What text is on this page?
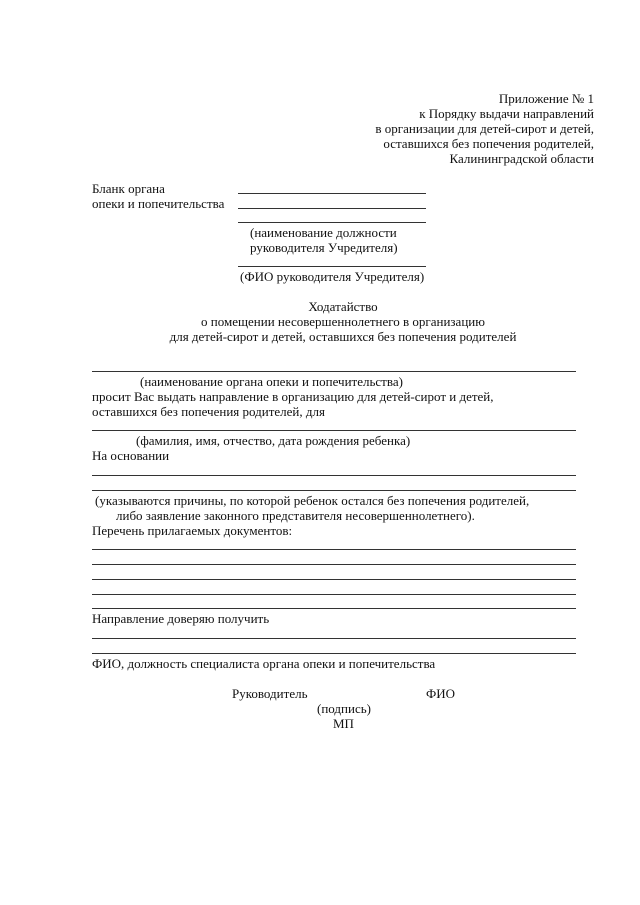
Приложение № 1
к Порядку выдачи направлений
в организации для детей-сирот и детей,
оставшихся без попечения родителей,
Калининградской области
Бланк органа
опеки и попечительства
(наименование должности
руководителя Учредителя)
(ФИО руководителя Учредителя)
Ходатайство
о помещении несовершеннолетнего в организацию
для детей-сирот и детей, оставшихся без попечения родителей
(наименование органа опеки и попечительства)
просит Вас выдать направление в организацию для детей-сирот и детей,
оставшихся без попечения родителей, для
(фамилия, имя, отчество, дата рождения ребенка)
На основании
(указываются причины, по которой ребенок остался без попечения родителей,
либо заявление законного представителя несовершеннолетнего).
Перечень прилагаемых документов:
Направление доверяю получить
ФИО, должность специалиста органа опеки и попечительства
Руководитель	ФИО
(подпись)
МП
